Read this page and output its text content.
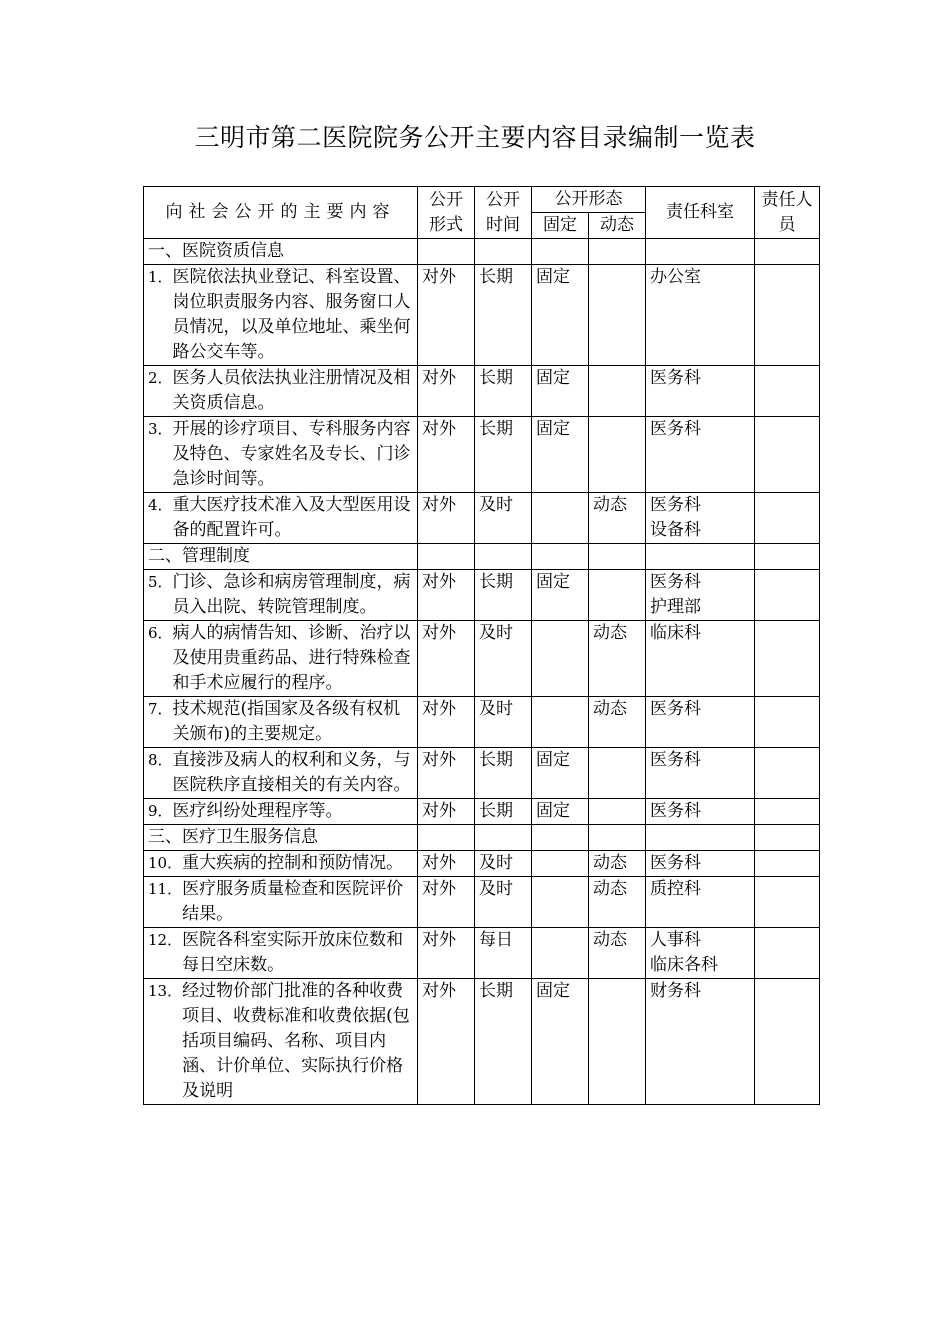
三明市第二医院院务公开主要内容目录编制一览表
向社会公开的主要内容	公开形式	公开时间	公开形态		责任科室	责任人员
			固定	动态		
一、医院资质信息						

1． 医院依法执业登记、科室设置、岗位职责服务内容、服务窗口人员情况，以及单位地址、乘坐何路公交车等。	对外	长期	固定		办公室	

2． 医务人员依法执业注册情况及相关资质信息。	对外	长期	固定		医务科	

3． 开展的诊疗项目、专科服务内容及特色、专家姓名及专长、门诊急诊时间等。	对外	长期	固定		医务科	

4． 重大医疗技术准入及大型医用设备的配置许可。	对外	及时		动态	医务科
设备科	

二、管理制度						

5． 门诊、急诊和病房管理制度，病员入出院、转院管理制度。	对外	长期	固定		医务科
护理部	

6． 病人的病情告知、诊断、治疗以及使用贵重药品、进行特殊检查和手术应履行的程序。	对外	及时		动态	临床科	

7． 技术规范(指国家及各级有权机关颁布)的主要规定。	对外	及时		动态	医务科	

8． 直接涉及病人的权利和义务，与医院秩序直接相关的有关内容。	对外	长期	固定		医务科	

9． 医疗纠纷处理程序等。	对外	长期	固定		医务科	

三、医疗卫生服务信息						

10． 重大疾病的控制和预防情况。	对外	及时		动态	医务科	

11． 医疗服务质量检查和医院评价结果。	对外	及时		动态	质控科	

12． 医院各科室实际开放床位数和每日空床数。	对外	每日		动态	人事科
临床各科	

13． 经过物价部门批准的各种收费项目、收费标准和收费依据(包括项目编码、名称、项目内涵、计价单位、实际执行价格及说明	对外	长期	固定		财务科	
